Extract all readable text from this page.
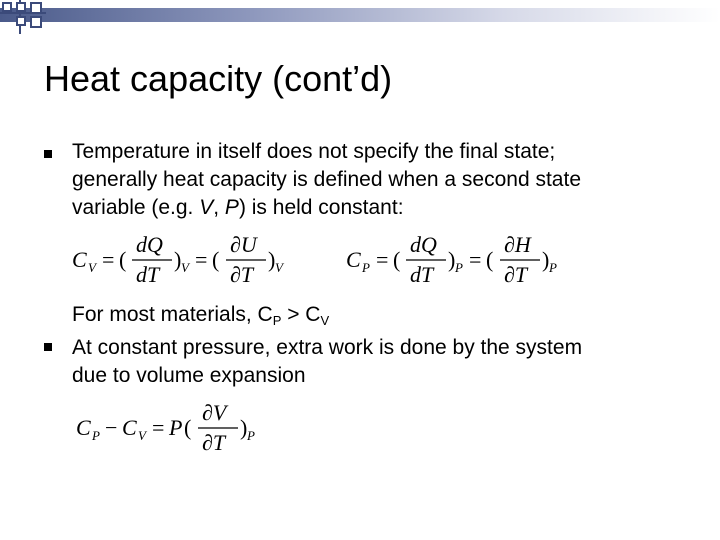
Heat capacity (cont’d)
Temperature in itself does not specify the final state;
generally heat capacity is defined when a second state
variable (e.g. V, P) is held constant:
C V = (
dQ
dT
) V = (
∂U
∂T
) V	C P = (
dQ
dT
) P = (
∂H
∂T
) P
For most materials, $C_P > C_V$
At constant pressure, extra work is done by the system
due to volume expansion
C P − C V = P (
∂V
∂T
) P
